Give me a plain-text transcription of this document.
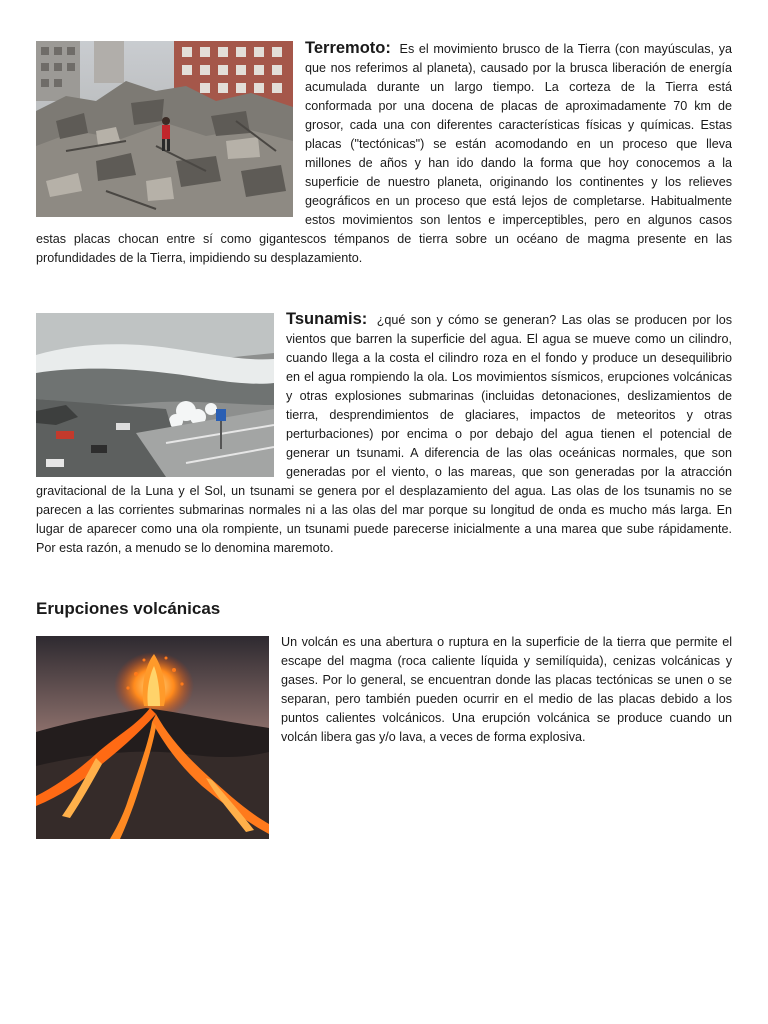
Terremoto: Es el movimiento brusco de la Tierra (con mayúsculas, ya que nos referimos al planeta), causado por la brusca liberación de energía acumulada durante un largo tiempo. La corteza de la Tierra está conformada por una docena de placas de aproximadamente 70 km de grosor, cada una con diferentes características físicas y químicas. Estas placas ("tectónicas") se están acomodando en un proceso que lleva millones de años y han ido dando la forma que hoy conocemos a la superficie de nuestro planeta, originando los continentes y los relieves geográficos en un proceso que está lejos de completarse. Habitualmente estos movimientos son lentos e imperceptibles, pero en algunos casos estas placas chocan entre sí como gigantescos témpanos de tierra sobre un océano de magma presente en las profundidades de la Tierra, impidiendo su desplazamiento.

Tsunamis: ¿qué son y cómo se generan? Las olas se producen por los vientos que barren la superficie del agua. El agua se mueve como un cilindro, cuando llega a la costa el cilindro roza en el fondo y produce un desequilibrio en el agua rompiendo la ola. Los movimientos sísmicos, erupciones volcánicas y otras explosiones submarinas (incluidas detonaciones, deslizamientos de tierra, desprendimientos de glaciares, impactos de meteoritos y otras perturbaciones) por encima o por debajo del agua tienen el potencial de generar un tsunami. A diferencia de las olas oceánicas normales, que son generadas por el viento, o las mareas, que son generadas por la atracción gravitacional de la Luna y el Sol, un tsunami se genera por el desplazamiento del agua. Las olas de los tsunamis no se parecen a las corrientes submarinas normales ni a las olas del mar porque su longitud de onda es mucho más larga. En lugar de aparecer como una ola rompiente, un tsunami puede parecerse inicialmente a una marea que sube rápidamente. Por esta razón, a menudo se lo denomina maremoto.

Erupciones volcánicas

Un volcán es una abertura o ruptura en la superficie de la tierra que permite el escape del magma (roca caliente líquida y semilíquida), cenizas volcánicas y gases. Por lo general, se encuentran donde las placas tectónicas se unen o se separan, pero también pueden ocurrir en el medio de las placas debido a los puntos calientes volcánicos. Una erupción volcánica se produce cuando un volcán libera gas y/o lava, a veces de forma explosiva.
